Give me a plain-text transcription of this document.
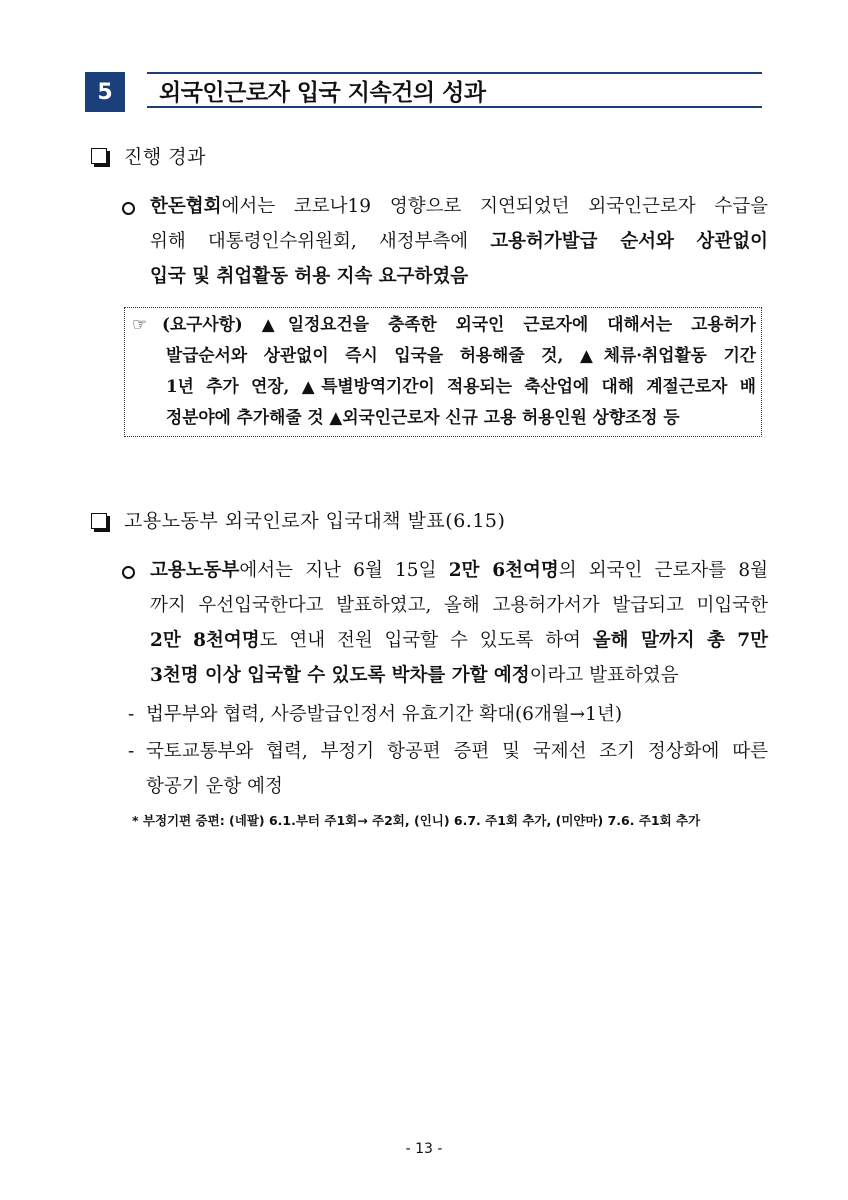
5	외국인근로자 입국 지속건의 성과
진행 경과
한돈협회에서는 코로나19 영향으로 지연되었던 외국인근로자 수급을
위해 대통령인수위원회, 새정부측에 고용허가발급 순서와 상관없이
입국 및 취업활동 허용 지속 요구하였음
☞ (요구사항) ▲일정요건을 충족한 외국인 근로자에 대해서는 고용허가
발급순서와 상관없이 즉시 입국을 허용해줄 것, ▲체류·취업활동 기간
1년 추가 연장, ▲특별방역기간이 적용되는 축산업에 대해 계절근로자 배
정분야에 추가해줄 것 ▲외국인근로자 신규 고용 허용인원 상향조정 등
고용노동부 외국인로자 입국대책 발표(6.15)
고용노동부에서는 지난 6월 15일 2만 6천여명의 외국인 근로자를 8월
까지 우선입국한다고 발표하였고, 올해 고용허가서가 발급되고 미입국한
2만 8천여명도 연내 전원 입국할 수 있도록 하여 올해 말까지 총 7만
3천명 이상 입국할 수 있도록 박차를 가할 예정이라고 발표하였음
- 법무부와 협력, 사증발급인정서 유효기간 확대(6개월→1년)
- 국토교통부와 협력, 부정기 항공편 증편 및 국제선 조기 정상화에 따른
항공기 운항 예정
* 부정기편 증편: (네팔) 6.1.부터 주1회→ 주2회, (인니) 6.7. 주1회 추가, (미얀마) 7.6. 주1회 추가
- 13 -
